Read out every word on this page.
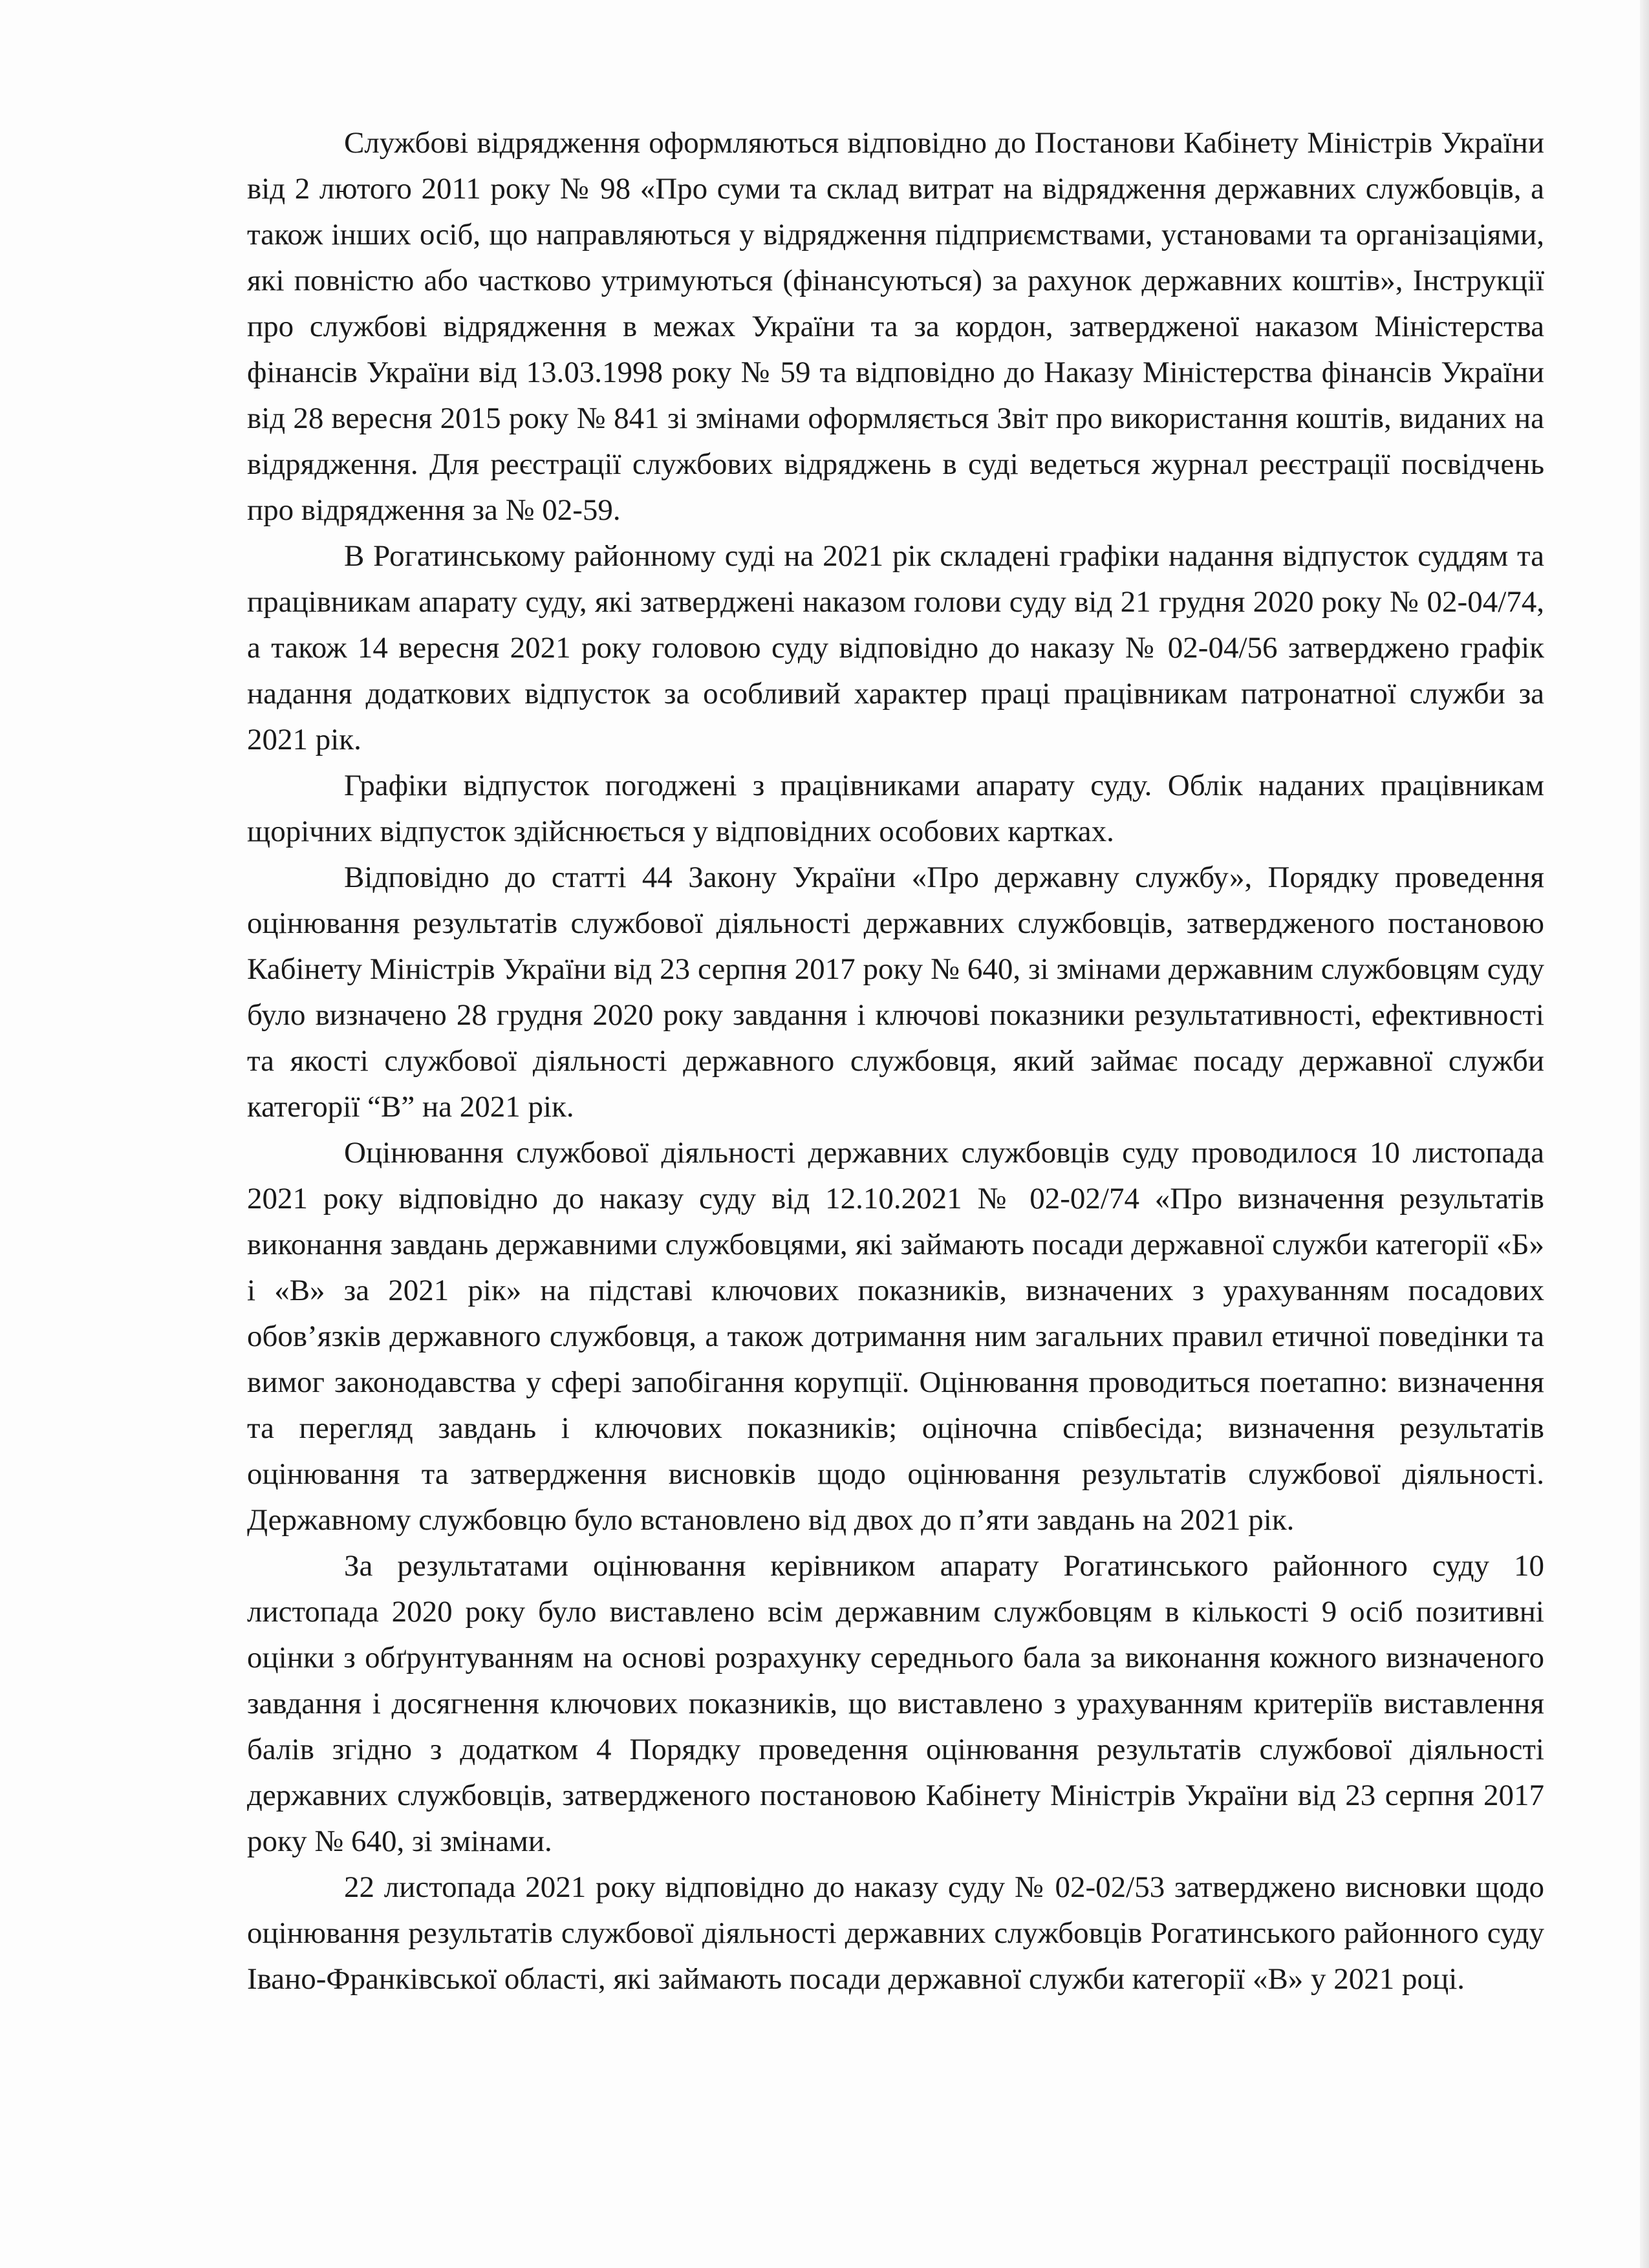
Службові відрядження оформляються відповідно до Постанови Кабінету Міністрів України від 2 лютого 2011 року № 98 «Про суми та склад витрат на відрядження державних службовців, а також інших осіб, що направляються у відрядження підприємствами, установами та організаціями, які повністю або частково утримуються (фінансуються) за рахунок державних коштів», Інструкції про службові відрядження в межах України та за кордон, затвердженої наказом Міністерства фінансів України від 13.03.1998 року № 59 та відповідно до Наказу Міністерства фінансів України від 28 вересня 2015 року № 841 зі змінами оформляється Звіт про використання коштів, виданих на відрядження. Для реєстрації службових відряджень в суді ведеться журнал реєстрації посвідчень про відрядження за № 02-59.

В Рогатинському районному суді на 2021 рік складені графіки надання відпусток суддям та працівникам апарату суду, які затверджені наказом голови суду від 21 грудня 2020 року № 02-04/74, а також 14 вересня 2021 року головою суду відповідно до наказу № 02-04/56 затверджено графік надання додаткових відпусток за особливий характер праці працівникам патронатної служби за 2021 рік.

Графіки відпусток погоджені з працівниками апарату суду. Облік наданих працівникам щорічних відпусток здійснюється у відповідних особових картках.

Відповідно до статті 44 Закону України «Про державну службу», Порядку проведення оцінювання результатів службової діяльності державних службовців, затвердженого постановою Кабінету Міністрів України від 23 серпня 2017 року № 640, зі змінами державним службовцям суду було визначено 28 грудня 2020 року завдання і ключові показники результативності, ефективності та якості службової діяльності державного службовця, який займає посаду державної служби категорії “В” на 2021 рік.

Оцінювання службової діяльності державних службовців суду проводилося 10 листопада 2021 року відповідно до наказу суду від 12.10.2021 № 02-02/74 «Про визначення результатів виконання завдань державними службовцями, які займають посади державної служби категорії «Б» і «В» за 2021 рік» на підставі ключових показників, визначених з урахуванням посадових обов’язків державного службовця, а також дотримання ним загальних правил етичної поведінки та вимог законодавства у сфері запобігання корупції. Оцінювання проводиться поетапно: визначення та перегляд завдань і ключових показників; оціночна співбесіда; визначення результатів оцінювання та затвердження висновків щодо оцінювання результатів службової діяльності. Державному службовцю було встановлено від двох до п’яти завдань на 2021 рік.

За результатами оцінювання керівником апарату Рогатинського районного суду 10 листопада 2020 року було виставлено всім державним службовцям в кількості 9 осіб позитивні оцінки з обґрунтуванням на основі розрахунку середнього бала за виконання кожного визначеного завдання і досягнення ключових показників, що виставлено з урахуванням критеріїв виставлення балів згідно з додатком 4 Порядку проведення оцінювання результатів службової діяльності державних службовців, затвердженого постановою Кабінету Міністрів України від 23 серпня 2017 року № 640, зі змінами.

22 листопада 2021 року відповідно до наказу суду № 02-02/53 затверджено висновки щодо оцінювання результатів службової діяльності державних службовців Рогатинського районного суду Івано-Франківської області, які займають посади державної служби категорії «В» у 2021 році.
